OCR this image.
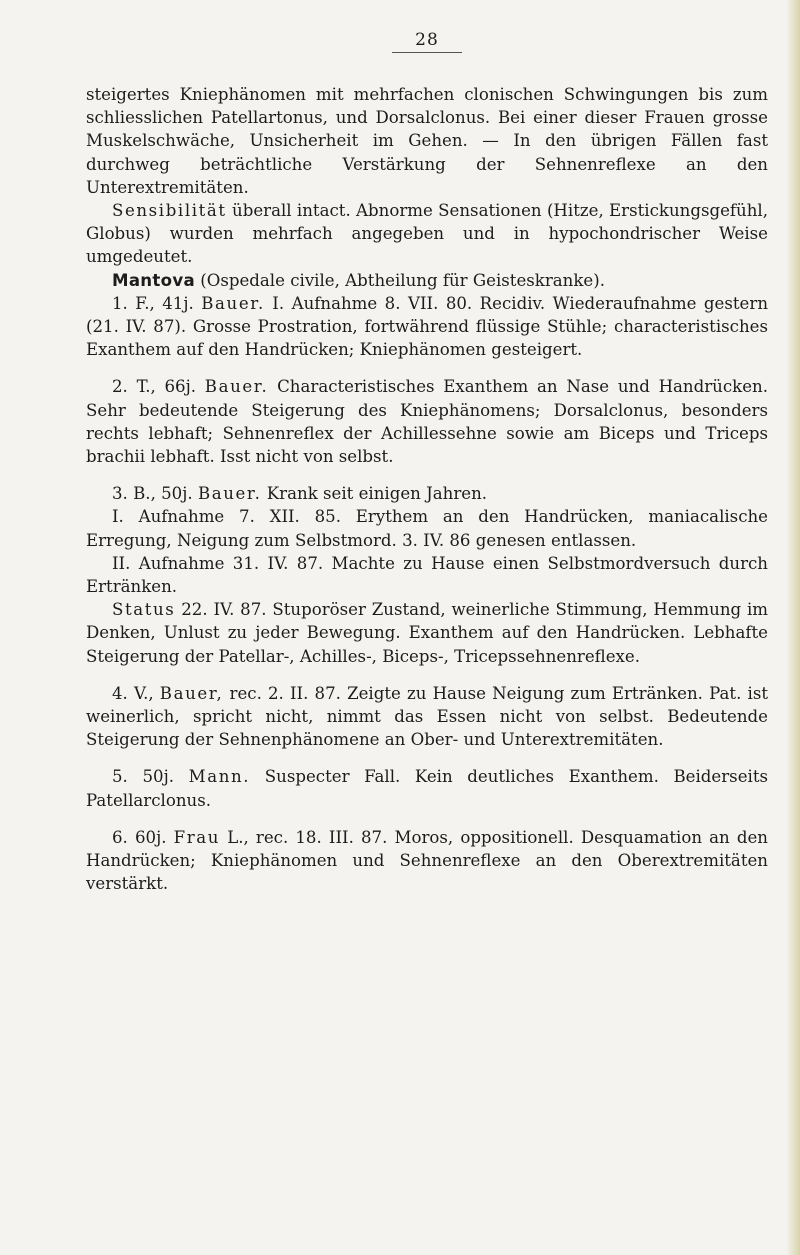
28

steigertes Kniephänomen mit mehrfachen clonischen Schwingungen bis zum schliesslichen Patellartonus, und Dorsalclonus. Bei einer dieser Frauen grosse Muskelschwäche, Unsicherheit im Gehen. — In den übrigen Fällen fast durchweg beträchtliche Verstärkung der Sehnenreflexe an den Unterextremitäten.

Sensibilität überall intact. Abnorme Sensationen (Hitze, Erstickungsgefühl, Globus) wurden mehrfach angegeben und in hypochondrischer Weise umgedeutet.

Mantova (Ospedale civile, Abtheilung für Geisteskranke).

1. F., 41j. Bauer. I. Aufnahme 8. VII. 80. Recidiv. Wiederaufnahme gestern (21. IV. 87). Grosse Prostration, fortwährend flüssige Stühle; characteristisches Exanthem auf den Handrücken; Kniephänomen gesteigert.

2. T., 66j. Bauer. Characteristisches Exanthem an Nase und Handrücken. Sehr bedeutende Steigerung des Kniephänomens; Dorsalclonus, besonders rechts lebhaft; Sehnenreflex der Achillessehne sowie am Biceps und Triceps brachii lebhaft. Isst nicht von selbst.

3. B., 50j. Bauer. Krank seit einigen Jahren.

I. Aufnahme 7. XII. 85. Erythem an den Handrücken, maniacalische Erregung, Neigung zum Selbstmord. 3. IV. 86 genesen entlassen.

II. Aufnahme 31. IV. 87. Machte zu Hause einen Selbstmordversuch durch Ertränken.

Status 22. IV. 87. Stuporöser Zustand, weinerliche Stimmung, Hemmung im Denken, Unlust zu jeder Bewegung. Exanthem auf den Handrücken. Lebhafte Steigerung der Patellar-, Achilles-, Biceps-, Tricepssehnenreflexe.

4. V., Bauer, rec. 2. II. 87. Zeigte zu Hause Neigung zum Ertränken. Pat. ist weinerlich, spricht nicht, nimmt das Essen nicht von selbst. Bedeutende Steigerung der Sehnenphänomene an Ober- und Unterextremitäten.

5. 50j. Mann. Suspecter Fall. Kein deutliches Exanthem. Beiderseits Patellarclonus.

6. 60j. Frau L., rec. 18. III. 87. Moros, oppositionell. Desquamation an den Handrücken; Kniephänomen und Sehnenreflexe an den Oberextremitäten verstärkt.
